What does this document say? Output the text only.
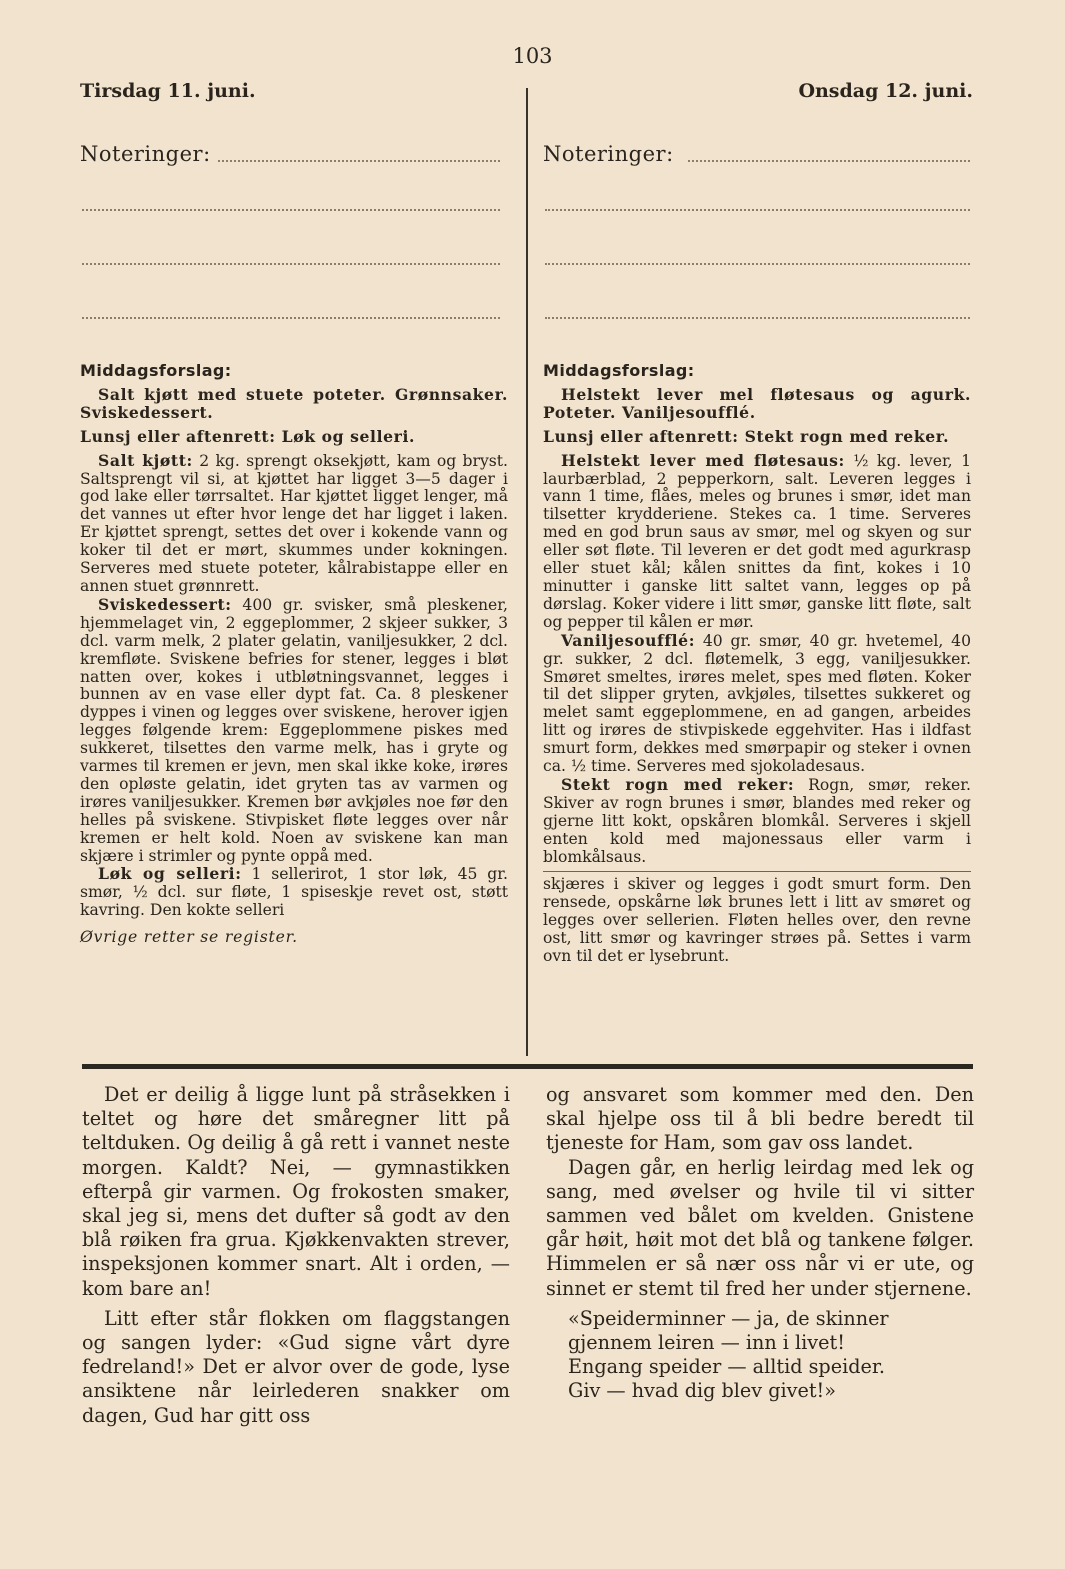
103
Tirsdag 11. juni.
Noteringer:
Onsdag 12. juni.
Noteringer:

Middagsforslag:

Salt kjøtt med stuete poteter. Grønnsaker. Sviskedessert.

Lunsj eller aftenrett: Løk og selleri.

Salt kjøtt: 2 kg. sprengt oksekjøtt, kam og bryst. Saltsprengt vil si, at kjøttet har ligget 3—5 dager i god lake eller tørrsaltet. Har kjøttet ligget lenger, må det vannes ut efter hvor lenge det har ligget i laken. Er kjøttet sprengt, settes det over i kokende vann og koker til det er mørt, skummes under kokningen. Serveres med stuete poteter, kålrabistappe eller en annen stuet grønnrett.

Sviskedessert: 400 gr. svisker, små pleskener, hjemmelaget vin, 2 eggeplommer, 2 skjeer sukker, 3 dcl. varm melk, 2 plater gelatin, vaniljesukker, 2 dcl. kremfløte. Sviskene befries for stener, legges i bløt natten over, kokes i utbløtningsvannet, legges i bunnen av en vase eller dypt fat. Ca. 8 pleskener dyppes i vinen og legges over sviskene, herover igjen legges følgende krem: Eggeplommene piskes med sukkeret, tilsettes den varme melk, has i gryte og varmes til kremen er jevn, men skal ikke koke, irøres den opløste gelatin, idet gryten tas av varmen og irøres vaniljesukker. Kremen bør avkjøles noe før den helles på sviskene. Stivpisket fløte legges over når kremen er helt kold. Noen av sviskene kan man skjære i strimler og pynte oppå med.

Løk og selleri: 1 sellerirot, 1 stor løk, 45 gr. smør, ½ dcl. sur fløte, 1 spiseskje revet ost, støtt kavring. Den kokte selleri

Øvrige retter se register.

Middagsforslag:

Helstekt lever mel fløtesaus og agurk. Poteter. Vaniljesoufflé.

Lunsj eller aftenrett: Stekt rogn med reker.

Helstekt lever med fløtesaus: ½ kg. lever, 1 laurbærblad, 2 pepperkorn, salt. Leveren legges i vann 1 time, flåes, meles og brunes i smør, idet man tilsetter krydderiene. Stekes ca. 1 time. Serveres med en god brun saus av smør, mel og skyen og sur eller søt fløte. Til leveren er det godt med agurkrasp eller stuet kål; kålen snittes da fint, kokes i 10 minutter i ganske litt saltet vann, legges op på dørslag. Koker videre i litt smør, ganske litt fløte, salt og pepper til kålen er mør.

Vaniljesoufflé: 40 gr. smør, 40 gr. hvetemel, 40 gr. sukker, 2 dcl. fløtemelk, 3 egg, vaniljesukker. Smøret smeltes, irøres melet, spes med fløten. Koker til det slipper gryten, avkjøles, tilsettes sukkeret og melet samt eggeplommene, en ad gangen, arbeides litt og irøres de stivpiskede eggehviter. Has i ildfast smurt form, dekkes med smørpapir og steker i ovnen ca. ½ time. Serveres med sjokoladesaus.

Stekt rogn med reker: Rogn, smør, reker. Skiver av rogn brunes i smør, blandes med reker og gjerne litt kokt, opskåren blomkål. Serveres i skjell enten kold med majonessaus eller varm i blomkålsaus.

skjæres i skiver og legges i godt smurt form. Den rensede, opskårne løk brunes lett i litt av smøret og legges over sellerien. Fløten helles over, den revne ost, litt smør og kavringer strøes på. Settes i varm ovn til det er lysebrunt.

Det er deilig å ligge lunt på stråsekken i teltet og høre det småregner litt på teltduken. Og deilig å gå rett i vannet neste morgen. Kaldt? Nei, — gymnastikken efterpå gir varmen. Og frokosten smaker, skal jeg si, mens det dufter så godt av den blå røiken fra grua. Kjøkkenvakten strever, inspeksjonen kommer snart. Alt i orden, — kom bare an!

Litt efter står flokken om flaggstangen og sangen lyder: «Gud signe vårt dyre fedreland!» Det er alvor over de gode, lyse ansiktene når leirlederen snakker om dagen, Gud har gitt oss

og ansvaret som kommer med den. Den skal hjelpe oss til å bli bedre beredt til tjeneste for Ham, som gav oss landet.

Dagen går, en herlig leirdag med lek og sang, med øvelser og hvile til vi sitter sammen ved bålet om kvelden. Gnistene går høit, høit mot det blå og tankene følger. Himmelen er så nær oss når vi er ute, og sinnet er stemt til fred her under stjernene.

«Speiderminner — ja, de skinner

gjennem leiren — inn i livet!

Engang speider — alltid speider.

Giv — hvad dig blev givet!»
